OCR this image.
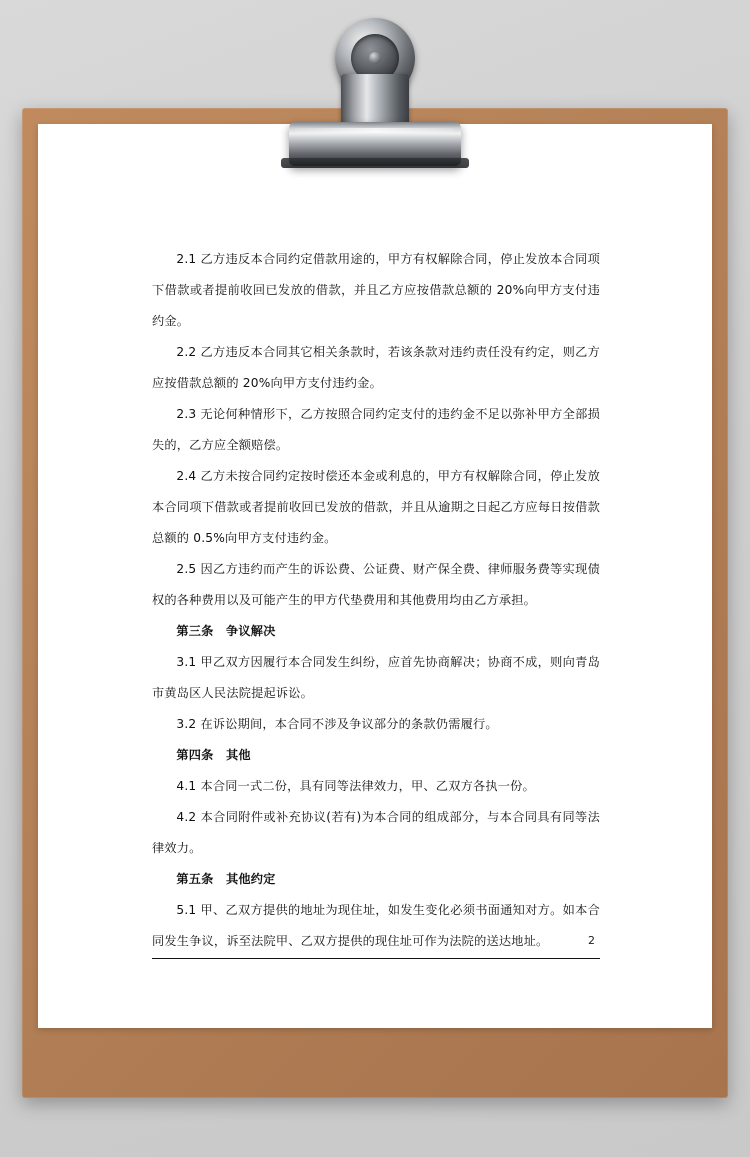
2.1 乙方违反本合同约定借款用途的，甲方有权解除合同，停止发放本合同项下借款或者提前收回已发放的借款，并且乙方应按借款总额的 20%向甲方支付违约金。

2.2 乙方违反本合同其它相关条款时，若该条款对违约责任没有约定，则乙方应按借款总额的 20%向甲方支付违约金。

2.3 无论何种情形下，乙方按照合同约定支付的违约金不足以弥补甲方全部损失的，乙方应全额赔偿。

2.4 乙方未按合同约定按时偿还本金或利息的，甲方有权解除合同，停止发放本合同项下借款或者提前收回已发放的借款，并且从逾期之日起乙方应每日按借款总额的 0.5%向甲方支付违约金。

2.5 因乙方违约而产生的诉讼费、公证费、财产保全费、律师服务费等实现债权的各种费用以及可能产生的甲方代垫费用和其他费用均由乙方承担。

第三条　争议解决

3.1 甲乙双方因履行本合同发生纠纷，应首先协商解决；协商不成，则向青岛市黄岛区人民法院提起诉讼。

3.2 在诉讼期间，本合同不涉及争议部分的条款仍需履行。

第四条　其他

4.1 本合同一式二份，具有同等法律效力，甲、乙双方各执一份。

4.2 本合同附件或补充协议(若有)为本合同的组成部分，与本合同具有同等法律效力。

第五条　其他约定

5.1 甲、乙双方提供的地址为现住址，如发生变化必须书面通知对方。如本合同发生争议，诉至法院甲、乙双方提供的现住址可作为法院的送达地址。	2
